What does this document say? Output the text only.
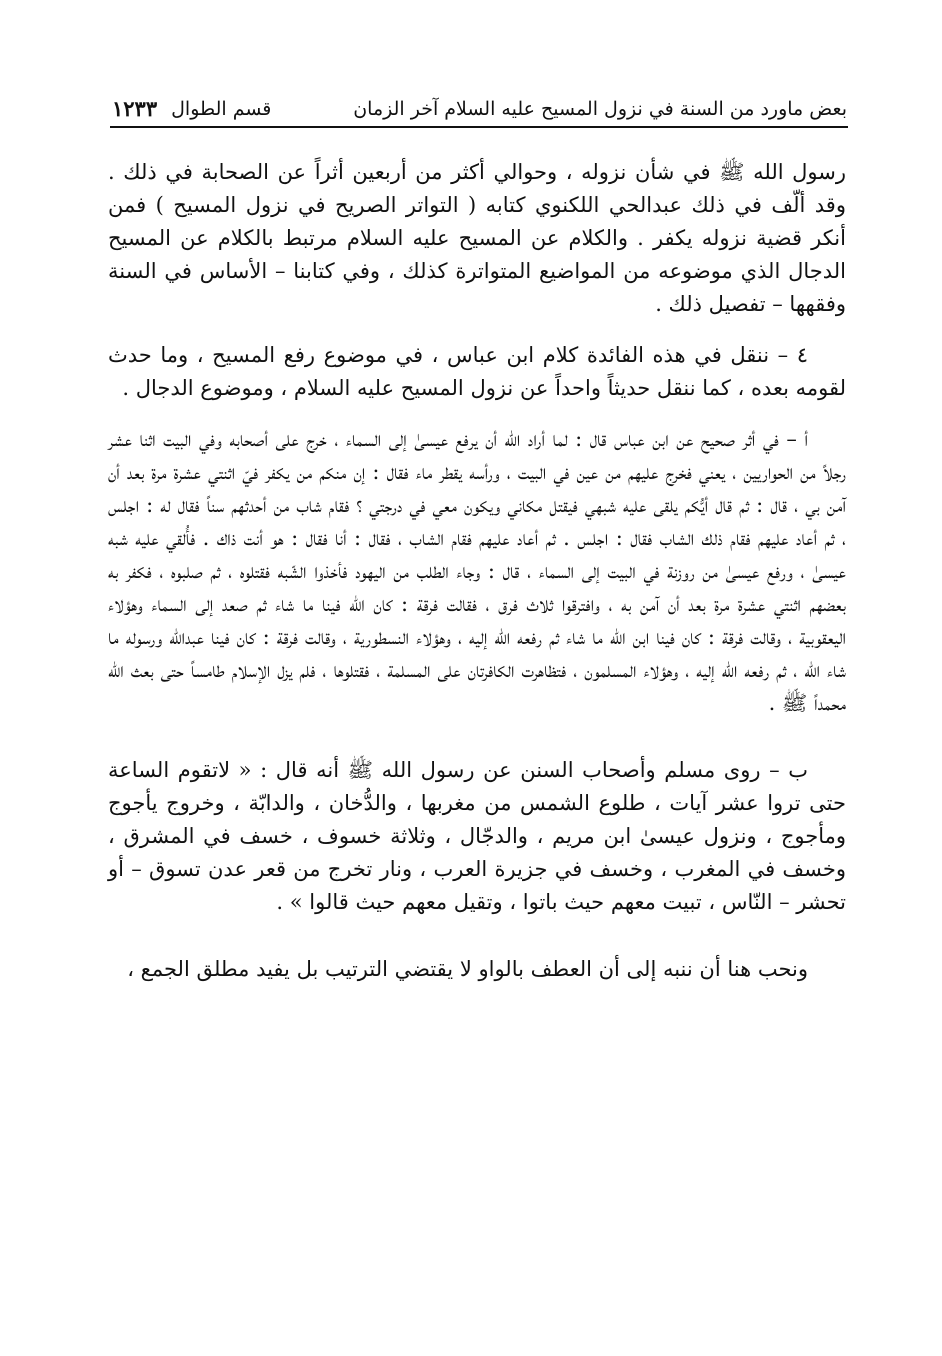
بعض ماورد من السنة في نزول المسيح عليه السلام آخر الزمان
قسم الطوال
١٢٣٣

رسول الله ﷺ في شأن نزوله ، وحوالي أكثر من أربعين أثراً عن الصحابة في ذلك . وقد ألّف في ذلك عبدالحي اللكنوي كتابه ( التواتر الصريح في نزول المسيح ) فمن أنكر قضية نزوله يكفر . والكلام عن المسيح عليه السلام مرتبط بالكلام عن المسيح الدجال الذي موضوعه من المواضيع المتواترة كذلك ، وفي كتابنا – الأساس في السنة وفقهها – تفصيل ذلك .

٤ – ننقل في هذه الفائدة كلام ابن عباس ، في موضوع رفع المسيح ، وما حدث لقومه بعده ، كما ننقل حديثاً واحداً عن نزول المسيح عليه السلام ، وموضوع الدجال .

أ – في أثر صحيح عن ابن عباس قال : لما أراد الله أن يرفع عيسىٰ إلى السماء ، خرج على أصحابه وفي البيت اثنا عشر رجلاً من الحواريين ، يعني فخرج عليهم من عين في البيت ، ورأسه يقطر ماء فقال : إن منكم من يكفر فيّ اثنتي عشرة مرة بعد أن آمن بي ، قال : ثم قال أيُّكم يلقى عليه شبهي فيقتل مكاني ويكون معي في درجتي ؟ فقام شاب من أحدثهم سناً فقال له : اجلس ، ثم أعاد عليهم فقام ذلك الشاب فقال : اجلس . ثم أعاد عليهم فقام الشاب ، فقال : أنا فقال : هو أنت ذاك . فأُلقي عليه شبه عيسىٰ ، ورفع عيسىٰ من روزنة في البيت إلى السماء ، قال : وجاء الطلب من اليهود فأخذوا الشّبه فقتلوه ، ثم صلبوه ، فكفر به بعضهم اثنتي عشرة مرة بعد أن آمن به ، وافترقوا ثلاث فرق ، فقالت فرقة : كان الله فينا ما شاء ثم صعد إلى السماء وهؤلاء اليعقوبية ، وقالت فرقة : كان فينا ابن الله ما شاء ثم رفعه الله إليه ، وهؤلاء النسطورية ، وقالت فرقة : كان فينا عبدالله ورسوله ما شاء الله ، ثم رفعه الله إليه ، وهؤلاء المسلمون ، فتظاهرت الكافرتان على المسلمة ، فقتلوها ، فلم يزل الإسلام طامساً حتى بعث الله محمداً ﷺ .

ب – روى مسلم وأصحاب السنن عن رسول الله ﷺ أنه قال : « لاتقوم الساعة حتى تروا عشر آيات ، طلوع الشمس من مغربها ، والدُّخان ، والدابّة ، وخروج يأجوج ومأجوج ، ونزول عيسىٰ ابن مريم ، والدجّال ، وثلاثة خسوف ، خسف في المشرق ، وخسف في المغرب ، وخسف في جزيرة العرب ، ونار تخرج من قعر عدن تسوق – أو تحشر – النّاس ، تبيت معهم حيث باتوا ، وتقيل معهم حيث قالوا » .

ونحب هنا أن ننبه إلى أن العطف بالواو لا يقتضي الترتيب بل يفيد مطلق الجمع ،
